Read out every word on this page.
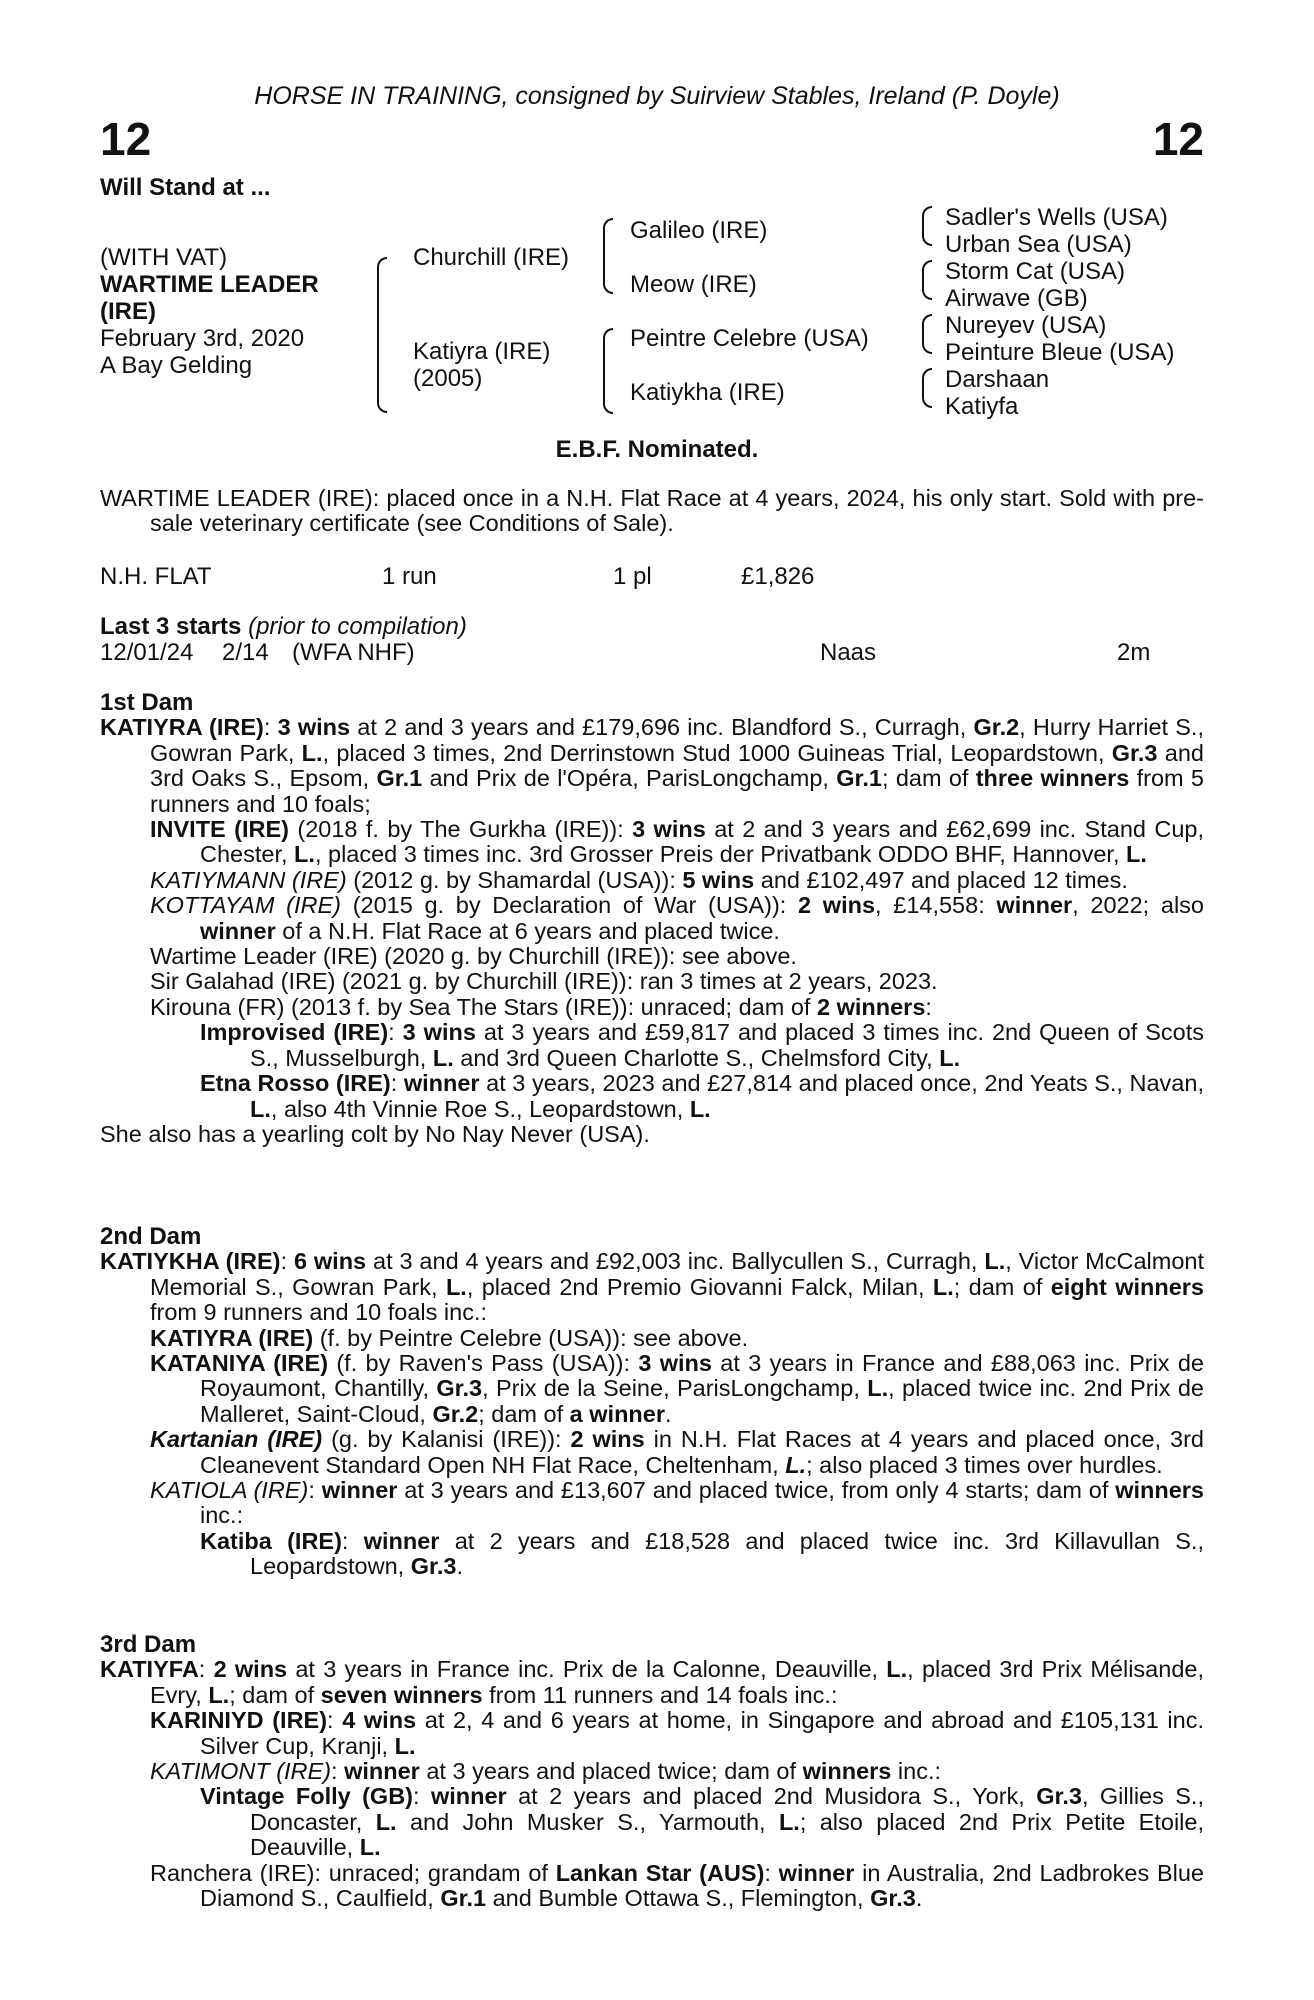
HORSE IN TRAINING, consigned by Suirview Stables, Ireland (P. Doyle)
12	12
Will Stand at ...
(WITH VAT)
WARTIME LEADER
(IRE)
February 3rd, 2020
A Bay Gelding
Churchill (IRE)
Katiyra (IRE)
(2005)
Galileo (IRE)
Meow (IRE)
Peintre Celebre (USA)
Katiykha (IRE)
Sadler's Wells (USA)
Urban Sea (USA)
Storm Cat (USA)
Airwave (GB)
Nureyev (USA)
Peinture Bleue (USA)
Darshaan
Katiyfa
E.B.F. Nominated.

WARTIME LEADER (IRE): placed once in a N.H. Flat Race at 4 years, 2024, his only start. Sold with pre-sale veterinary certificate (see Conditions of Sale).

N.H. FLAT	1 run	1 pl	£1,826
Last 3 starts (prior to compilation)
12/01/24 2/14 (WFA NHF)	Naas	2m

1st Dam

KATIYRA (IRE): 3 wins at 2 and 3 years and £179,696 inc. Blandford S., Curragh, Gr.2, Hurry Harriet S., Gowran Park, L., placed 3 times, 2nd Derrinstown Stud 1000 Guineas Trial, Leopardstown, Gr.3 and 3rd Oaks S., Epsom, Gr.1 and Prix de l'Opéra, ParisLongchamp, Gr.1; dam of three winners from 5 runners and 10 foals;

INVITE (IRE) (2018 f. by The Gurkha (IRE)): 3 wins at 2 and 3 years and £62,699 inc. Stand Cup, Chester, L., placed 3 times inc. 3rd Grosser Preis der Privatbank ODDO BHF, Hannover, L.

KATIYMANN (IRE) (2012 g. by Shamardal (USA)): 5 wins and £102,497 and placed 12 times.

KOTTAYAM (IRE) (2015 g. by Declaration of War (USA)): 2 wins, £14,558: winner, 2022; also winner of a N.H. Flat Race at 6 years and placed twice.

Wartime Leader (IRE) (2020 g. by Churchill (IRE)): see above.

Sir Galahad (IRE) (2021 g. by Churchill (IRE)): ran 3 times at 2 years, 2023.

Kirouna (FR) (2013 f. by Sea The Stars (IRE)): unraced; dam of 2 winners:

Improvised (IRE): 3 wins at 3 years and £59,817 and placed 3 times inc. 2nd Queen of Scots S., Musselburgh, L. and 3rd Queen Charlotte S., Chelmsford City, L.

Etna Rosso (IRE): winner at 3 years, 2023 and £27,814 and placed once, 2nd Yeats S., Navan, L., also 4th Vinnie Roe S., Leopardstown, L.

She also has a yearling colt by No Nay Never (USA).

2nd Dam

KATIYKHA (IRE): 6 wins at 3 and 4 years and £92,003 inc. Ballycullen S., Curragh, L., Victor McCalmont Memorial S., Gowran Park, L., placed 2nd Premio Giovanni Falck, Milan, L.; dam of eight winners from 9 runners and 10 foals inc.:

KATIYRA (IRE) (f. by Peintre Celebre (USA)): see above.

KATANIYA (IRE) (f. by Raven's Pass (USA)): 3 wins at 3 years in France and £88,063 inc. Prix de Royaumont, Chantilly, Gr.3, Prix de la Seine, ParisLongchamp, L., placed twice inc. 2nd Prix de Malleret, Saint-Cloud, Gr.2; dam of a winner.

Kartanian (IRE) (g. by Kalanisi (IRE)): 2 wins in N.H. Flat Races at 4 years and placed once, 3rd Cleanevent Standard Open NH Flat Race, Cheltenham, L.; also placed 3 times over hurdles.

KATIOLA (IRE): winner at 3 years and £13,607 and placed twice, from only 4 starts; dam of winners inc.:

Katiba (IRE): winner at 2 years and £18,528 and placed twice inc. 3rd Killavullan S., Leopardstown, Gr.3.

3rd Dam

KATIYFA: 2 wins at 3 years in France inc. Prix de la Calonne, Deauville, L., placed 3rd Prix Mélisande, Evry, L.; dam of seven winners from 11 runners and 14 foals inc.:

KARINIYD (IRE): 4 wins at 2, 4 and 6 years at home, in Singapore and abroad and £105,131 inc. Silver Cup, Kranji, L.

KATIMONT (IRE): winner at 3 years and placed twice; dam of winners inc.:

Vintage Folly (GB): winner at 2 years and placed 2nd Musidora S., York, Gr.3, Gillies S., Doncaster, L. and John Musker S., Yarmouth, L.; also placed 2nd Prix Petite Etoile, Deauville, L.

Ranchera (IRE): unraced; grandam of Lankan Star (AUS): winner in Australia, 2nd Ladbrokes Blue Diamond S., Caulfield, Gr.1 and Bumble Ottawa S., Flemington, Gr.3.
